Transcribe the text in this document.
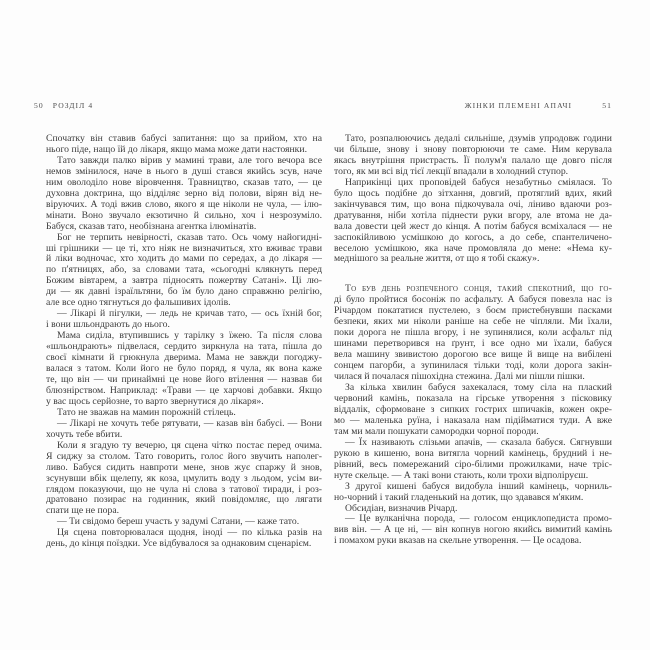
50 РОЗДІЛ 4	ЖІНКИ ПЛЕМЕНІ АПАЧІ	51
Спочатку він ставив бабусі запитання: що за прийом, хто на
нього піде, нащо їй до лікаря, якщо мама може дати настоянки.
Тато завжди палко вірив у мамині трави, але того вечора все
немов змінилося, наче в нього в душі стався якийсь зсув, наче
ним оволоділо нове віровчення. Травництво, сказав тато, — це
духовна доктрина, що відділяє зерно від полови, вірян від не-
віруючих. А тоді вжив слово, якого я ще ніколи не чула, — ілю-
мінати. Воно звучало екзотично й сильно, хоч і незрозуміло.
Бабуся, сказав тато, необізнана агентка ілюмінатів.
Бог не терпить невірності, сказав тато. Ось чому найогидні-
ші грішники — це ті, хто ніяк не визначиться, хто вживає трави
й ліки водночас, хто ходить до мами по середах, а до лікаря —
по п'ятницях, або, за словами тата, «сьогодні клякнуть перед
Божим вівтарем, а завтра підносять пожертву Сатані». Ці лю-
ди — як давні ізраїльтяни, бо їм було дано справжню релігію,
але все одно тягнуться до фальшивих ідолів.
— Лікарі й пігулки, — ледь не кричав тато, — ось їхній бог,
і вони шльондрають до нього.
Мама сиділа, втупившись у тарілку з їжею. Та після слова
«шльондрають» підвелася, сердито зиркнула на тата, пішла до
своєї кімнати й грюкнула дверима. Мама не завжди погоджу-
валася з татом. Коли його не було поряд, я чула, як вона каже
те, що він — чи принаймні це нове його втілення — назвав би
блюзнірством. Наприклад: «Трави — це харчові добавки. Якщо
у вас щось серйозне, то варто звернутися до лікаря».
Тато не зважав на мамин порожній стілець.
— Лікарі не хочуть тебе рятувати, — казав він бабусі. — Вони
хочуть тебе вбити.
Коли я згадую ту вечерю, ця сцена чітко постає перед очима.
Я сиджу за столом. Тато говорить, голос його звучить наполег-
ливо. Бабуся сидить навпроти мене, знов жує спаржу й знов,
зсунувши вбік щелепу, як коза, цмулить воду з льодом, усім ви-
глядом показуючи, що не чула ні слова з татової тиради, і роз-
дратовано позирає на годинник, який повідомляє, що лягати
спати ще не пора.
— Ти свідомо береш участь у задумі Сатани, — каже тато.
Ця сцена повторювалася щодня, іноді — по кілька разів на
день, до кінця поїздки. Усе відбувалося за однаковим сценарієм.
Тато, розпалюючись дедалі сильніше, дзумів упродовж години
чи більше, знову і знову повторюючи те саме. Ним керувала
якась внутрішня пристрасть. Її полум'я палало ще довго після
того, як ми всі від тієї лекції впадали в холодний ступор.
Наприкінці цих проповідей бабуся незабутньо сміялася. То
було щось подібне до зітхання, довгий, протяглий вдих, який
закінчувався тим, що вона підкочувала очі, ліниво вдаючи роз-
дратування, ніби хотіла піднести руки вгору, але втома не да-
вала довести цей жест до кінця. А потім бабуся всміхалася — не
заспокійливою усмішкою до когось, а до себе, спантеличено-
веселою усмішкою, яка наче промовляла до мене: «Нема ку-
меднішого за реальне життя, от що я тобі скажу».
То був день розпеченого сонця, такий спекотний, що го-
ді було пройтися босоніж по асфальту. А бабуся повезла нас із
Річардом покататися пустелею, з боєм пристебнувши пасками
безпеки, яких ми ніколи раніше на себе не чіпляли. Ми їхали,
поки дорога не пішла вгору, і не зупинялися, коли асфальт під
шинами перетворився на ґрунт, і все одно ми їхали, бабуся
вела машину звивистою дорогою все вище й вище на вибілені
сонцем пагорби, а зупинилася тільки тоді, коли дорога закін-
чилася й почалася пішохідна стежина. Далі ми пішли пішки.
За кілька хвилин бабуся захекалася, тому сіла на плаский
червоний камінь, показала на гірське утворення з пісковику
віддалік, сформоване з сипких гострих шпичаків, кожен окре-
мо — маленька руїна, і наказала нам підійматися туди. А вже
там ми мали пошукати самородки чорної породи.
— Їх називають слізьми апачів, — сказала бабуся. Сягнувши
рукою в кишеню, вона витягла чорний камінець, брудний і не-
рівний, весь помережаний сіро-білими прожилками, наче тріс-
нуте скельце. — А такі вони стають, коли трохи відполіруєш.
З другої кишені бабуся видобула інший камінець, чорниль-
но-чорний і такий гладенький на дотик, що здавався м'яким.
Обсидіан, визначив Річард.
— Це вулканічна порода, — голосом енциклопедиста промо-
вив він. — А це ні, — він копнув ногою якийсь вимитий камінь
і помахом руки вказав на скельне утворення. — Це осадова.
